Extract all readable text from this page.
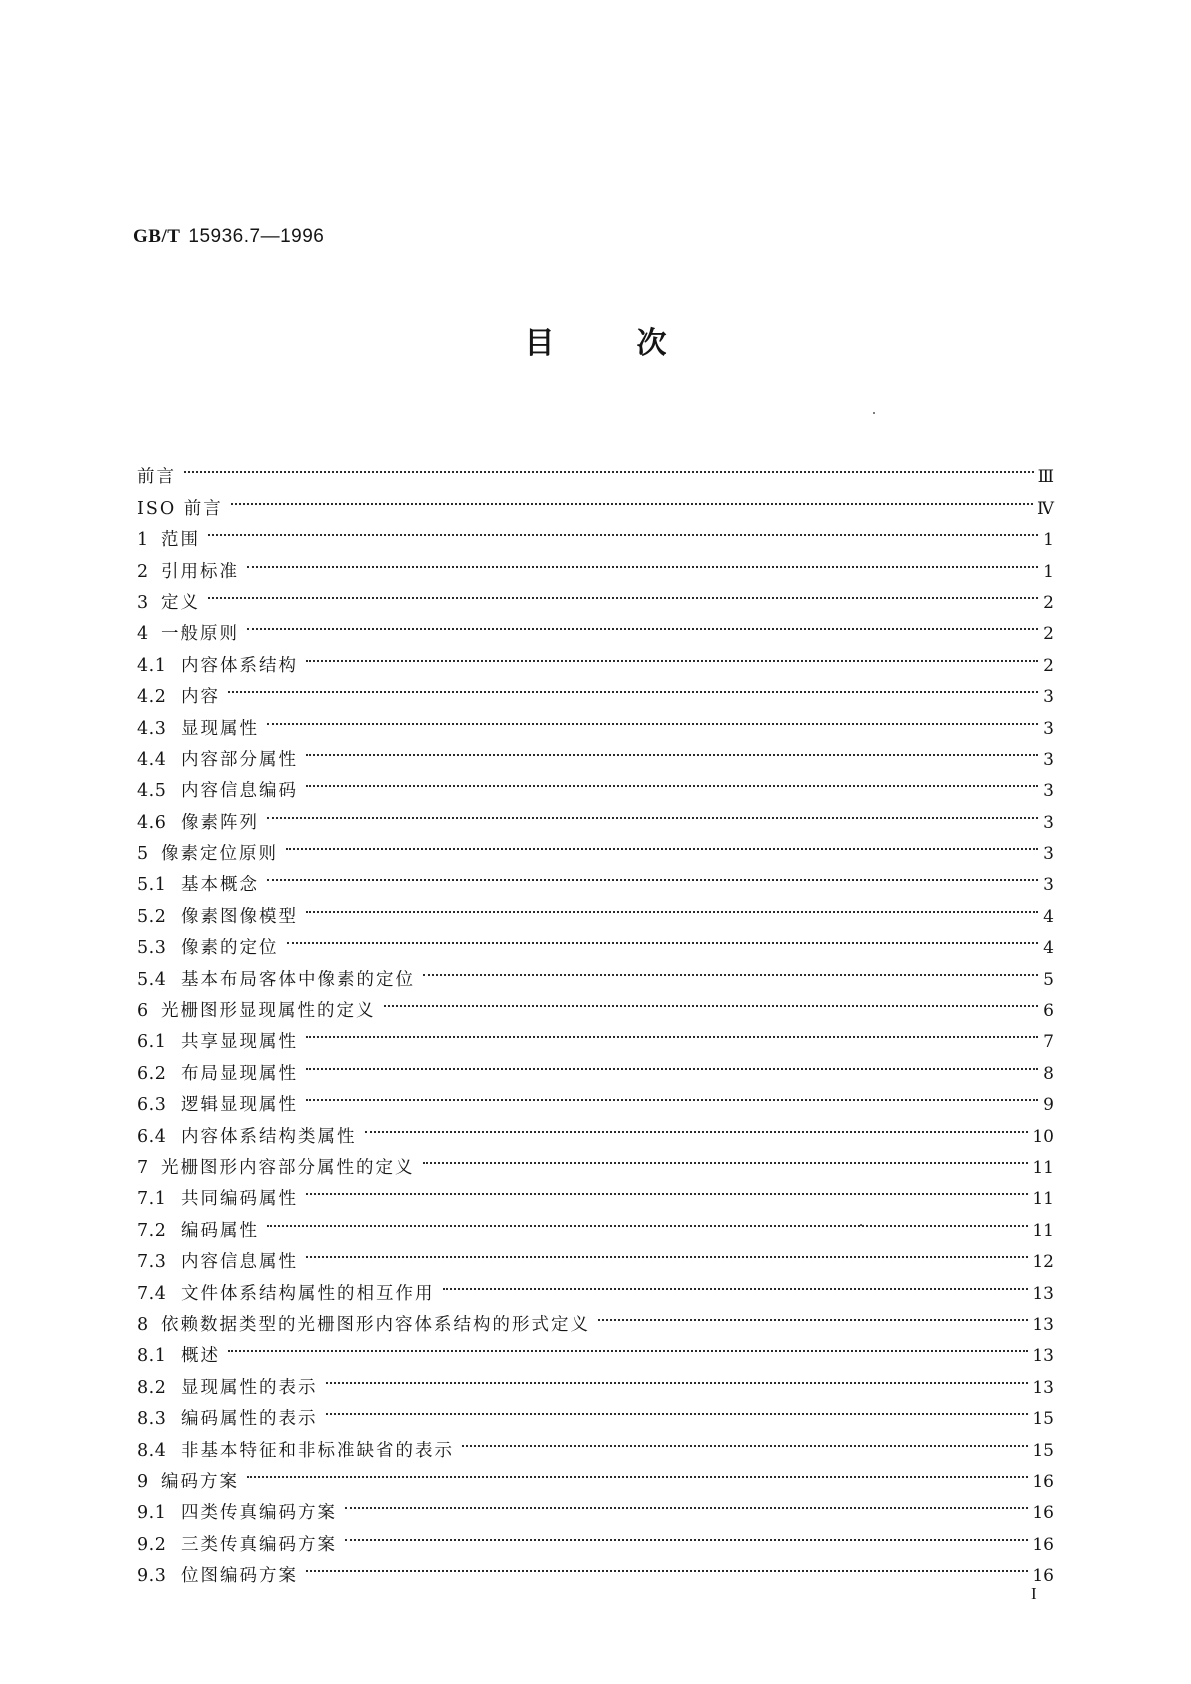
GB/T 15936.7—1996
目次
前言	Ⅲ
ISO 前言	Ⅳ
1 范围	1
2 引用标准	1
3 定义	2
4 一般原则	2
4.1 内容体系结构	2
4.2 内容	3
4.3 显现属性	3
4.4 内容部分属性	3
4.5 内容信息编码	3
4.6 像素阵列	3
5 像素定位原则	3
5.1 基本概念	3
5.2 像素图像模型	4
5.3 像素的定位	4
5.4 基本布局客体中像素的定位	5
6 光栅图形显现属性的定义	6
6.1 共享显现属性	7
6.2 布局显现属性	8
6.3 逻辑显现属性	9
6.4 内容体系结构类属性	10
7 光栅图形内容部分属性的定义	11
7.1 共同编码属性	11
7.2 编码属性	11
7.3 内容信息属性	12
7.4 文件体系结构属性的相互作用	13
8 依赖数据类型的光栅图形内容体系结构的形式定义	13
8.1 概述	13
8.2 显现属性的表示	13
8.3 编码属性的表示	15
8.4 非基本特征和非标准缺省的表示	15
9 编码方案	16
9.1 四类传真编码方案	16
9.2 三类传真编码方案	16
9.3 位图编码方案	16
I
